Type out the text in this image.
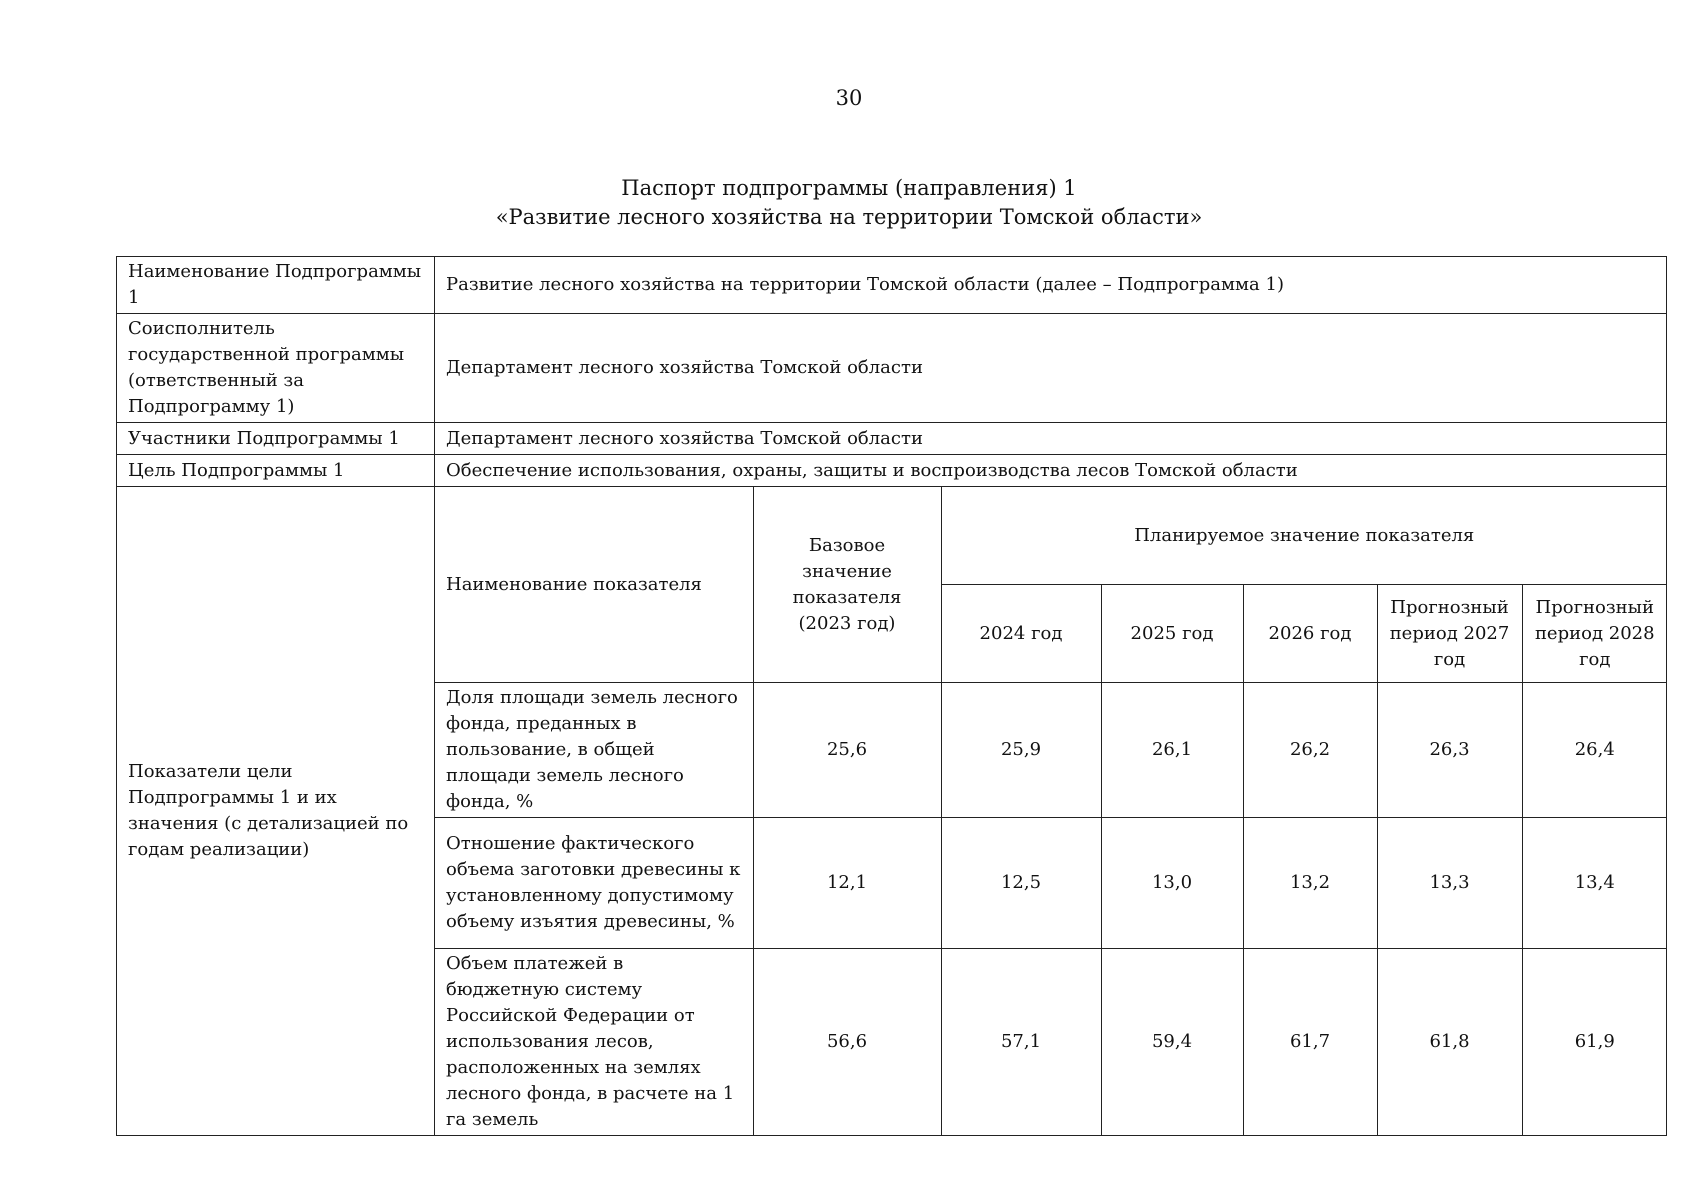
30
Паспорт подпрограммы (направления) 1
«Развитие лесного хозяйства на территории Томской области»
Наименование Подпрограммы 1	Развитие лесного хозяйства на территории Томской области (далее – Подпрограмма 1)
Соисполнитель государственной программы (ответственный за Подпрограмму 1)	Департамент лесного хозяйства Томской области
Участники Подпрограммы 1	Департамент лесного хозяйства Томской области
Цель Подпрограммы 1	Обеспечение использования, охраны, защиты и воспроизводства лесов Томской области
Показатели цели Подпрограммы 1 и их значения (с детализацией по годам реализации)	
Наименование показателя	Базовое значение показателя (2023 год)	Планируемое значение показателя
2024 год	2025 год	2026 год	Прогнозный период 2027 год	Прогнозный период 2028 год
Доля площади земель лесного фонда, преданных в пользование, в общей площади земель лесного фонда, %	25,6	25,9	26,1	26,2	26,3	26,4
Отношение фактического объема заготовки древесины к установленному допустимому объему изъятия древесины, %	12,1	12,5	13,0	13,2	13,3	13,4
Объем платежей в бюджетную систему Российской Федерации от использования лесов, расположенных на землях лесного фонда, в расчете на 1 га земель	56,6	57,1	59,4	61,7	61,8	61,9
